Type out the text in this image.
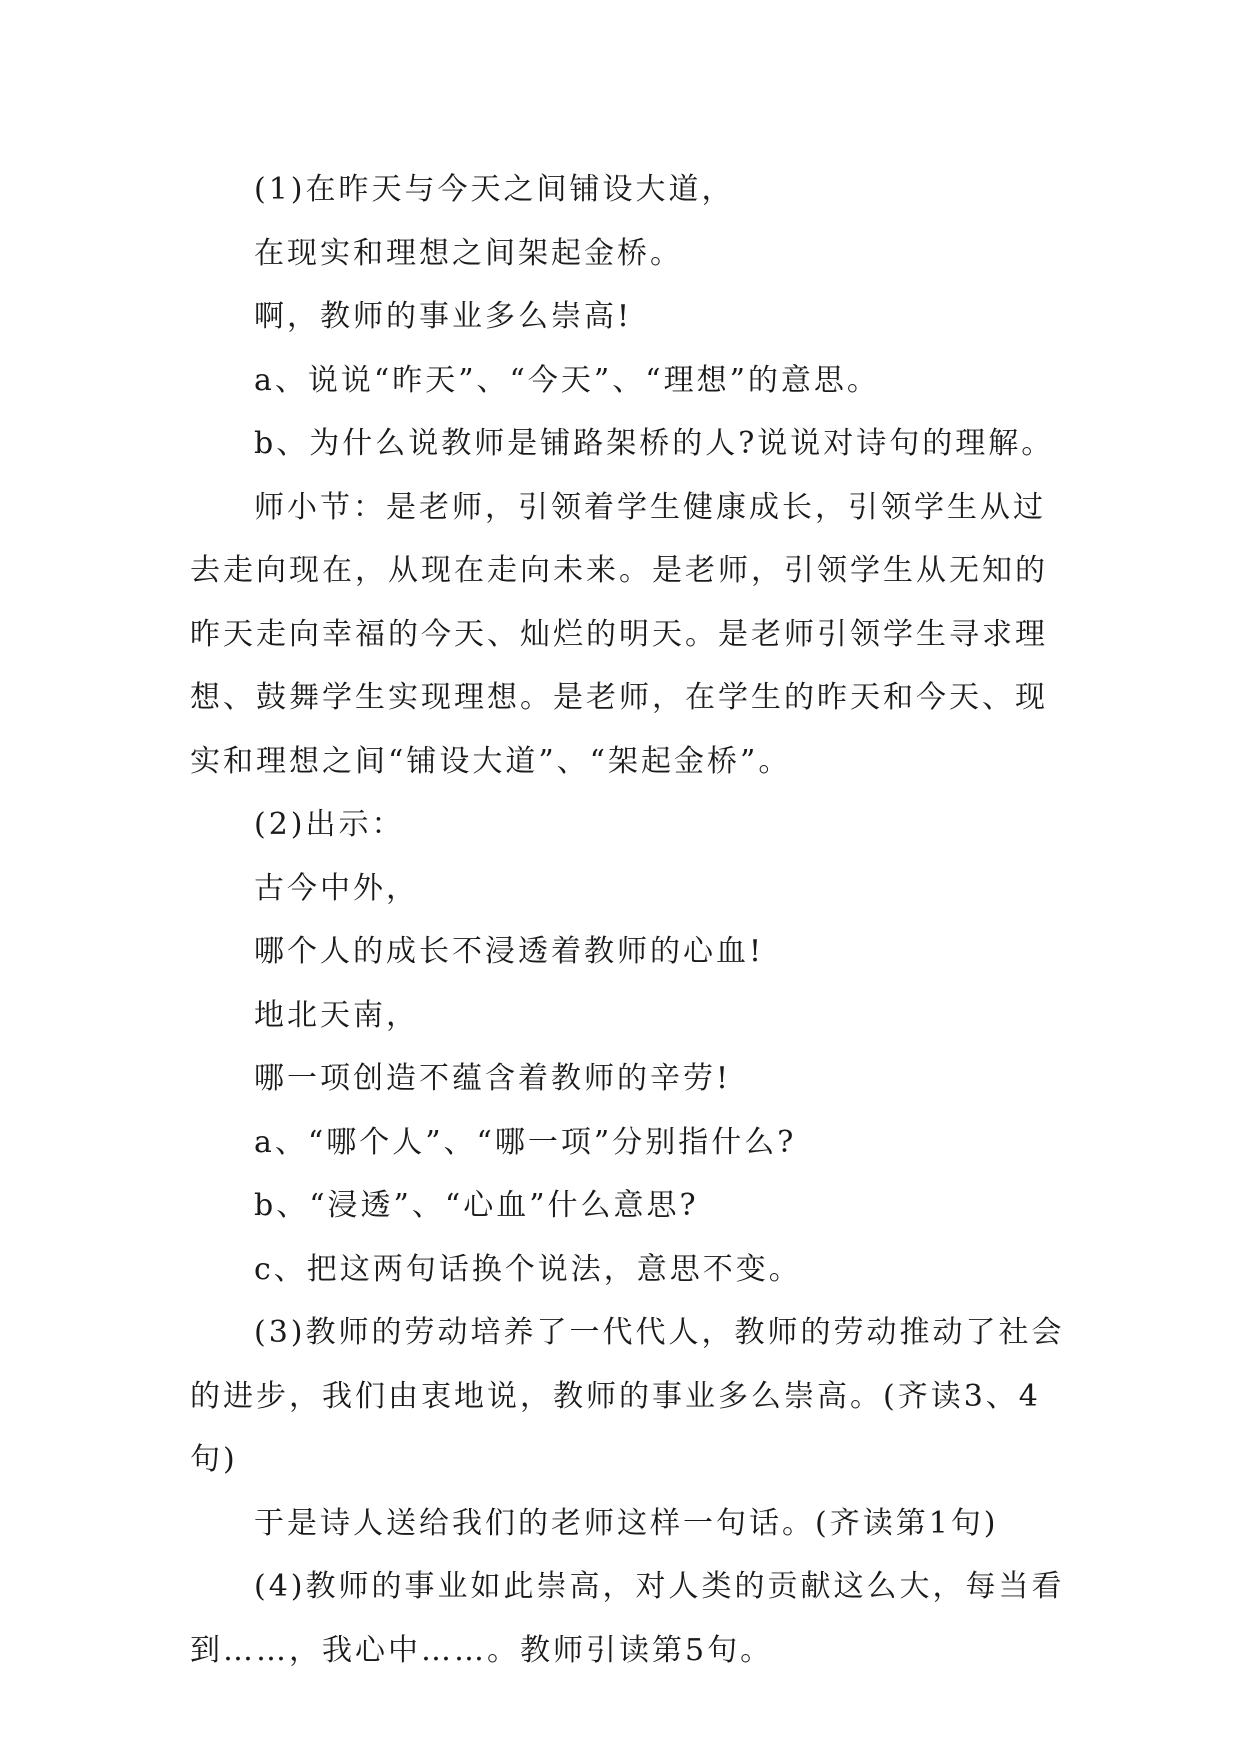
(1)在昨天与今天之间铺设大道，

在现实和理想之间架起金桥。

啊，教师的事业多么崇高!

a、说说“昨天”、“今天”、“理想”的意思。

b、为什么说教师是铺路架桥的人?说说对诗句的理解。

师小节：是老师，引领着学生健康成长，引领学生从过去走向现在，从现在走向未来。是老师，引领学生从无知的昨天走向幸福的今天、灿烂的明天。是老师引领学生寻求理想、鼓舞学生实现理想。是老师，在学生的昨天和今天、现实和理想之间“铺设大道”、“架起金桥”。

(2)出示：

古今中外，

哪个人的成长不浸透着教师的心血!

地北天南，

哪一项创造不蕴含着教师的辛劳!

a、“哪个人”、“哪一项”分别指什么?

b、“浸透”、“心血”什么意思?

c、把这两句话换个说法，意思不变。

(3)教师的劳动培养了一代代人，教师的劳动推动了社会的进步，我们由衷地说，教师的事业多么崇高。(齐读3、4句)

于是诗人送给我们的老师这样一句话。(齐读第1句)

(4)教师的事业如此崇高，对人类的贡献这么大，每当看到……，我心中……。教师引读第5句。
